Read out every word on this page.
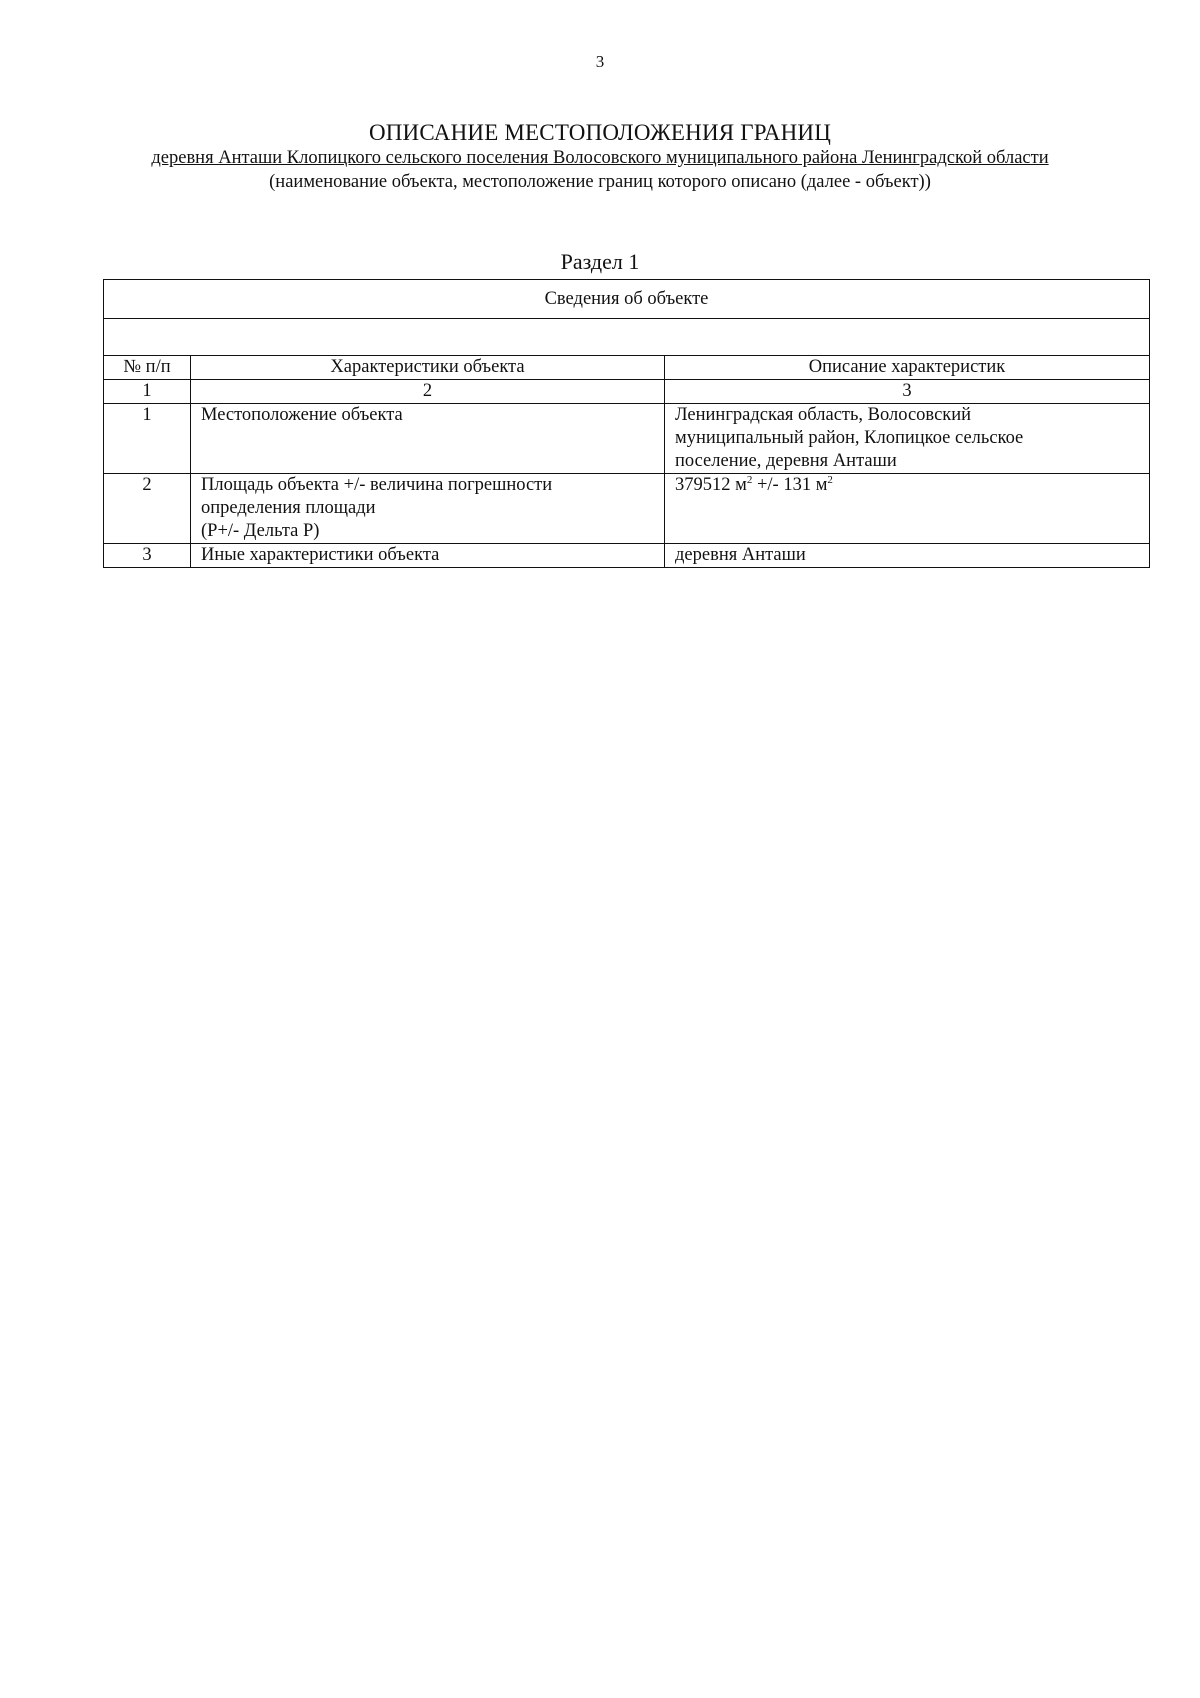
3
ОПИСАНИЕ МЕСТОПОЛОЖЕНИЯ ГРАНИЦ
деревня Анташи Клопицкого сельского поселения Волосовского муниципального района Ленинградской области
(наименование объекта, местоположение границ которого описано (далее - объект))
Раздел 1
Сведения об объекте		

№ п/п	Характеристики объекта	Описание характеристик
1	2	3
1	Местоположение объекта	Ленинградская область, Волосовский
муниципальный район, Клопицкое сельское
поселение, деревня Анташи

2	Площадь объекта +/- величина погрешности
определения площади
(Р+/- Дельта Р)	379512 $м^2$ +/- 131 $м^2$
3	Иные характеристики объекта	деревня Анташи
